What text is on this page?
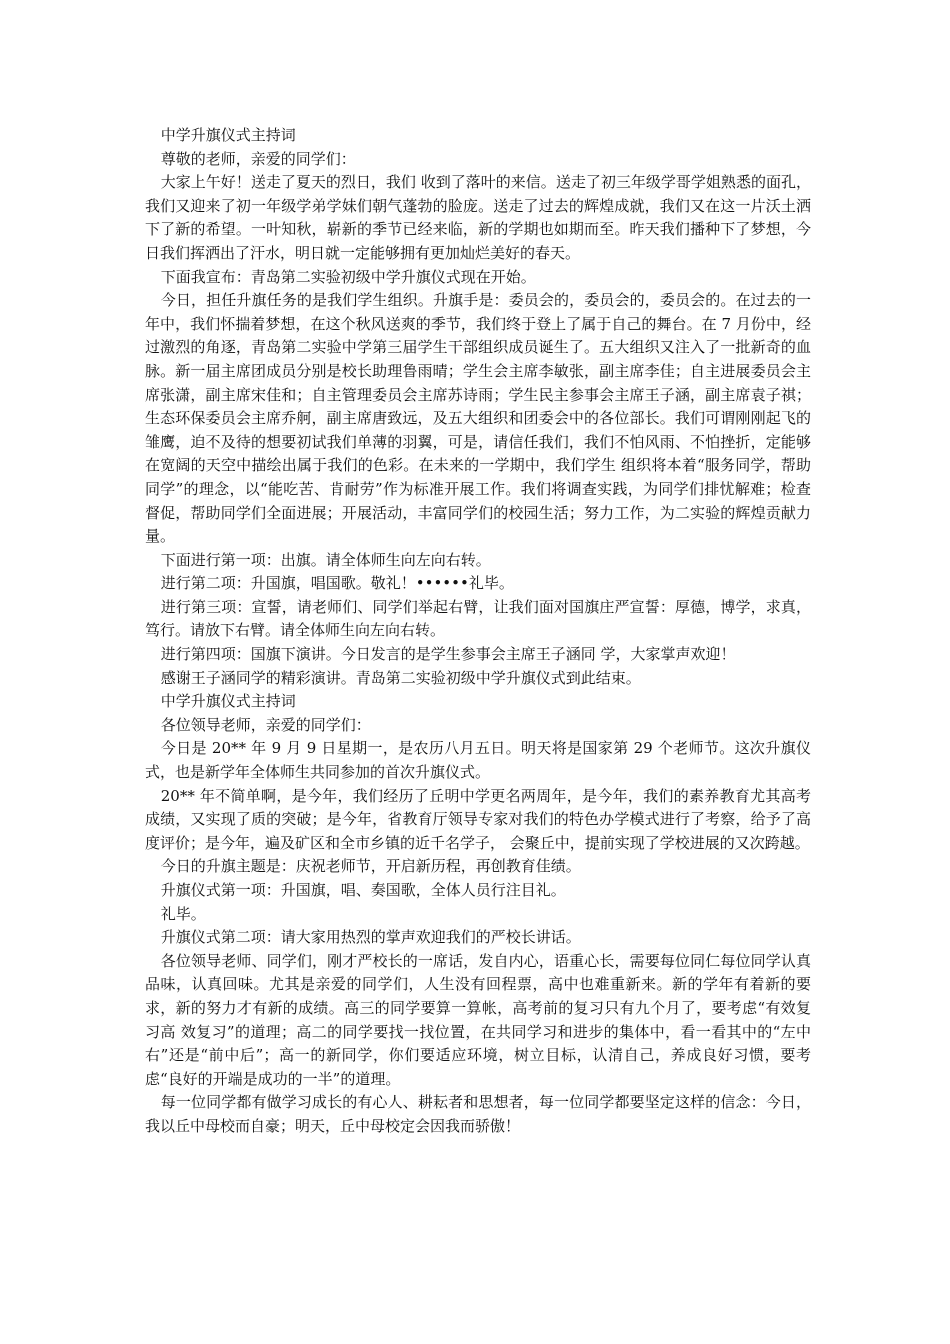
中学升旗仪式主持词

尊敬的老师，亲爱的同学们：

大家上午好！送走了夏天的烈日，我们 收到了落叶的来信。送走了初三年级学哥学姐熟悉的面孔，我们又迎来了初一年级学弟学妹们朝气蓬勃的脸庞。送走了过去的辉煌成就，我们又在这一片沃土洒下了新的希望。一叶知秋，崭新的季节已经来临，新的学期也如期而至。昨天我们播种下了梦想，今日我们挥洒出了汗水，明日就一定能够拥有更加灿烂美好的春天。

下面我宣布：青岛第二实验初级中学升旗仪式现在开始。

今日，担任升旗任务的是我们学生组织。升旗手是：委员会的，委员会的，委员会的。在过去的一年中，我们怀揣着梦想，在这个秋风送爽的季节，我们终于登上了属于自己的舞台。在 7 月份中，经过激烈的角逐，青岛第二实验中学第三届学生干部组织成员诞生了。五大组织又注入了一批新奇的血脉。新一届主席团成员分别是校长助理鲁雨晴；学生会主席李敏张，副主席李佳；自主进展委员会主席张潇，副主席宋佳和；自主管理委员会主席苏诗雨；学生民主参事会主席王子涵，副主席袁子祺；生态环保委员会主席乔舸，副主席唐致远，及五大组织和团委会中的各位部长。我们可谓刚刚起飞的雏鹰，迫不及待的想要初试我们单薄的羽翼，可是，请信任我们，我们不怕风雨、不怕挫折，定能够在宽阔的天空中描绘出属于我们的色彩。在未来的一学期中，我们学生 组织将本着“服务同学，帮助同学”的理念，以“能吃苦、肯耐劳”作为标准开展工作。我们将调查实践，为同学们排忧解难；检查督促，帮助同学们全面进展；开展活动，丰富同学们的校园生活；努力工作，为二实验的辉煌贡献力量。

下面进行第一项：出旗。请全体师生向左向右转。

进行第二项：升国旗，唱国歌。敬礼！••••••礼毕。

进行第三项：宣誓，请老师们、同学们举起右臂，让我们面对国旗庄严宣誓：厚德，博学，求真，笃行。请放下右臂。请全体师生向左向右转。

进行第四项：国旗下演讲。今日发言的是学生参事会主席王子涵同 学，大家掌声欢迎！

感谢王子涵同学的精彩演讲。青岛第二实验初级中学升旗仪式到此结束。

中学升旗仪式主持词

各位领导老师，亲爱的同学们：

今日是 20** 年 9 月 9 日星期一，是农历八月五日。明天将是国家第 29 个老师节。这次升旗仪式，也是新学年全体师生共同参加的首次升旗仪式。

20** 年不简单啊，是今年，我们经历了丘明中学更名两周年，是今年，我们的素养教育尤其高考成绩，又实现了质的突破；是今年，省教育厅领导专家对我们的特色办学模式进行了考察，给予了高度评价；是今年，遍及矿区和全市乡镇的近千名学子， 会聚丘中，提前实现了学校进展的又次跨越。

今日的升旗主题是：庆祝老师节，开启新历程，再创教育佳绩。

升旗仪式第一项：升国旗，唱、奏国歌，全体人员行注目礼。

礼毕。

升旗仪式第二项：请大家用热烈的掌声欢迎我们的严校长讲话。

各位领导老师、同学们，刚才严校长的一席话，发自内心，语重心长，需要每位同仁每位同学认真品味，认真回味。尤其是亲爱的同学们，人生没有回程票，高中也难重新来。新的学年有着新的要求，新的努力才有新的成绩。高三的同学要算一算帐，高考前的复习只有九个月了，要考虑“有效复习高 效复习”的道理；高二的同学要找一找位置，在共同学习和进步的集体中，看一看其中的“左中右”还是“前中后”；高一的新同学，你们要适应环境，树立目标，认清自己，养成良好习惯，要考虑“良好的开端是成功的一半”的道理。

每一位同学都有做学习成长的有心人、耕耘者和思想者，每一位同学都要坚定这样的信念：今日，我以丘中母校而自豪；明天，丘中母校定会因我而骄傲！
